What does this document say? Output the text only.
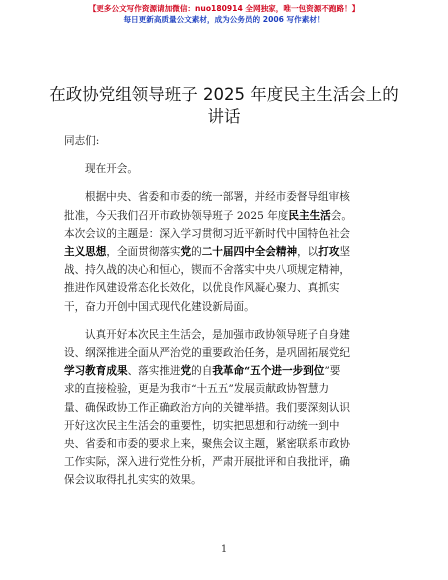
【更多公文写作资源请加微信：nuo180914 全网独家，唯一包资源不跑路！】
每日更新高质量公文素材，成为公务员的 2006 写作素材！
在政协党组领导班子 2025 年度民主生活会上的
讲话
同志们:
现在开会。
根据中央、省委和市委的统一部署，并经市委督导组审核
批准，今天我们召开市政协领导班子 2025 年度民主生活会。
本次会议的主题是：深入学习贯彻习近平新时代中国特色社会
主义思想，全面贯彻落实党的二十届四中全会精神，以打攻坚
战、持久战的决心和恒心，锲而不舍落实中央八项规定精神，
推进作风建设常态化长效化，以优良作风凝心聚力、真抓实
干，奋力开创中国式现代化建设新局面。
认真开好本次民主生活会，是加强市政协领导班子自身建
设、纲深推进全面从严治党的重要政治任务，是巩固拓展党纪
学习教育成果、落实推进党的自我革命“五个进一步到位”要
求的直接检验，更是为我市“十五五”发展贡献政协智慧力
量、确保政协工作正确政治方向的关键举措。我们要深刻认识
开好这次民主生活会的重要性，切实把思想和行动统一到中
央、省委和市委的要求上来，聚焦会议主题，紧密联系市政协
工作实际，深入进行党性分析，严肃开展批评和自我批评，确
保会议取得扎扎实实的效果。
1
